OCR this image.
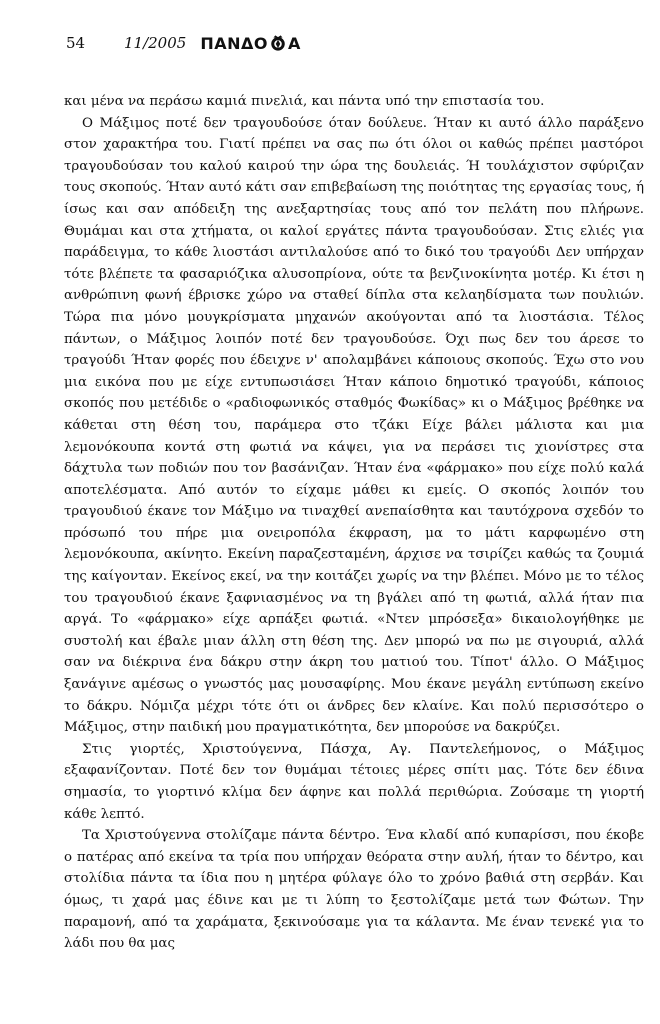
54	11/2005 ΠΑΝΔΟ Α

και μένα να περάσω καμιά πινελιά, και πάντα υπό την επιστασία του.

Ο Μάξιμος ποτέ δεν τραγουδούσε όταν δούλευε. Ήταν κι αυτό άλλο παράξενο στον χαρακτήρα του. Γιατί πρέπει να σας πω ότι όλοι οι καθώς πρέπει μαστόροι τραγουδούσαν του καλού καιρού την ώρα της δουλειάς. Ή τουλάχιστον σφύριζαν τους σκοπούς. Ήταν αυτό κάτι σαν επιβεβαίωση της ποιότητας της εργασίας τους, ή ίσως και σαν απόδειξη της ανεξαρτησίας τους από τον πελάτη που πλήρωνε. Θυμάμαι και στα χτήματα, οι καλοί εργάτες πάντα τραγουδούσαν. Στις ελιές για παράδειγμα, το κάθε λιοστάσι αντιλαλούσε από το δικό του τραγούδι Δεν υπήρχαν τότε βλέπετε τα φασαριόζικα αλυσοπρίονα, ούτε τα βενζινοκίνητα μοτέρ. Κι έτσι η ανθρώπινη φωνή έβρισκε χώρο να σταθεί δίπλα στα κελαηδίσματα των πουλιών. Τώρα πια μόνο μουγκρίσματα μηχανών ακούγονται από τα λιοστάσια. Τέλος πάντων, ο Μάξιμος λοιπόν ποτέ δεν τραγουδούσε. Όχι πως δεν του άρεσε το τραγούδι Ήταν φορές που έδειχνε ν' απολαμβάνει κάποιους σκοπούς. Έχω στο νου μια εικόνα που με είχε εντυπωσιάσει Ήταν κάποιο δημοτικό τραγούδι, κάποιος σκοπός που μετέδιδε ο «ραδιοφωνικός σταθμός Φωκίδας» κι ο Μάξιμος βρέθηκε να κάθεται στη θέση του, παράμερα στο τζάκι Είχε βάλει μάλιστα και μια λεμονόκουπα κοντά στη φωτιά να κάψει, για να περάσει τις χιονίστρες στα δάχτυλα των ποδιών που τον βασάνιζαν. Ήταν ένα «φάρμακο» που είχε πολύ καλά αποτελέσματα. Από αυτόν το είχαμε μάθει κι εμείς. Ο σκοπός λοιπόν του τραγουδιού έκανε τον Μάξιμο να τιναχθεί ανεπαίσθητα και ταυτόχρονα σχεδόν το πρόσωπό του πήρε μια ονειροπόλα έκφραση, μα το μάτι καρφωμένο στη λεμονόκουπα, ακίνητο. Εκείνη παραζεσταμένη, άρχισε να τσιρίζει καθώς τα ζουμιά της καίγονταν. Εκείνος εκεί, να την κοιτάζει χωρίς να την βλέπει. Μόνο με το τέλος του τραγουδιού έκανε ξαφνιασμένος να τη βγάλει από τη φωτιά, αλλά ήταν πια αργά. Το «φάρμακο» είχε αρπάξει φωτιά. «Ντεν μπρόσεξα» δικαιολογήθηκε με συστολή και έβαλε μιαν άλλη στη θέση της. Δεν μπορώ να πω με σιγουριά, αλλά σαν να διέκρινα ένα δάκρυ στην άκρη του ματιού του. Τίποτ' άλλο. Ο Μάξιμος ξανάγινε αμέσως ο γνωστός μας μουσαφίρης. Μου έκανε μεγάλη εντύπωση εκείνο το δάκρυ. Νόμιζα μέχρι τότε ότι οι άνδρες δεν κλαίνε. Και πολύ περισσότερο ο Μάξιμος, στην παιδική μου πραγματικότητα, δεν μπορούσε να δακρύζει.

Στις γιορτές, Χριστούγεννα, Πάσχα, Αγ. Παντελεήμονος, ο Μάξιμος εξαφανίζονταν. Ποτέ δεν τον θυμάμαι τέτοιες μέρες σπίτι μας. Τότε δεν έδινα σημασία, το γιορτινό κλίμα δεν άφηνε και πολλά περιθώρια. Ζούσαμε τη γιορτή κάθε λεπτό.

Τα Χριστούγεννα στολίζαμε πάντα δέντρο. Ένα κλαδί από κυπαρίσσι, που έκοβε ο πατέρας από εκείνα τα τρία που υπήρχαν θεόρατα στην αυλή, ήταν το δέντρο, και στολίδια πάντα τα ίδια που η μητέρα φύλαγε όλο το χρόνο βαθιά στη σερβάν. Και όμως, τι χαρά μας έδινε και με τι λύπη το ξεστολίζαμε μετά των Φώτων. Την παραμονή, από τα χαράματα, ξεκινούσαμε για τα κάλαντα. Με έναν τενεκέ για το λάδι που θα μας
